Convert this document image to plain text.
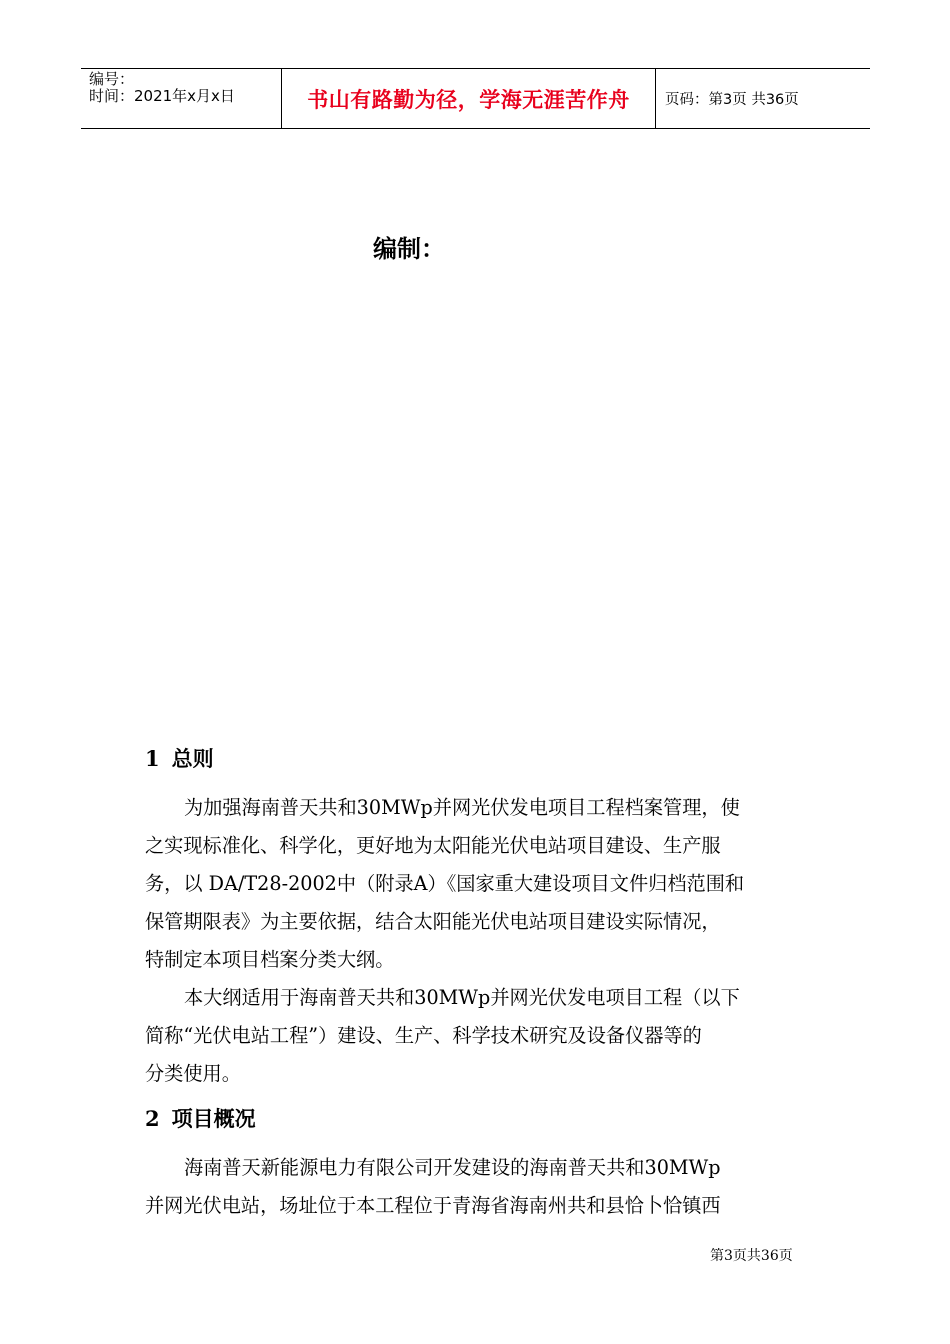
编号：
时间：2021年x月x日	书山有路勤为径，学海无涯苦作舟 页码：第3页 共36页
编制：
1 总则
为加强海南普天共和30MWp并网光伏发电项目工程档案管理，使
之实现标准化、科学化，更好地为太阳能光伏电站项目建设、生产服
务，以 DA/T28-2002中（附录A）《国家重大建设项目文件归档范围和
保管期限表》为主要依据，结合太阳能光伏电站项目建设实际情况，
特制定本项目档案分类大纲。
本大纲适用于海南普天共和30MWp并网光伏发电项目工程（以下
简称“光伏电站工程”）建设、生产、科学技术研究及设备仪器等的
分类使用。
2 项目概况
海南普天新能源电力有限公司开发建设的海南普天共和30MWp
并网光伏电站，场址位于本工程位于青海省海南州共和县恰卜恰镇西
第3页共36页
